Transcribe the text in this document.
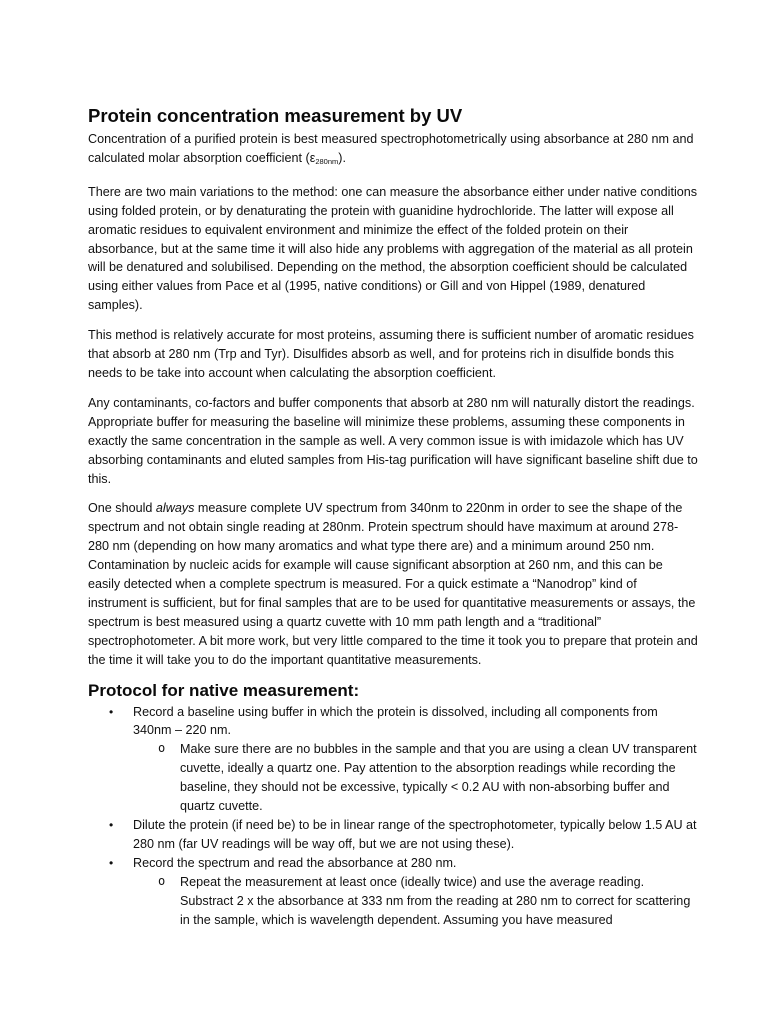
Protein concentration measurement by UV

Concentration of a purified protein is best measured spectrophotometrically using absorbance at 280 nm and calculated molar absorption coefficient $(\varepsilon_{280nm})$.

There are two main variations to the method: one can measure the absorbance either under native conditions using folded protein, or by denaturating the protein with guanidine hydrochloride. The latter will expose all aromatic residues to equivalent environment and minimize the effect of the folded protein on their absorbance, but at the same time it will also hide any problems with aggregation of the material as all protein will be denatured and solubilised. Depending on the method, the absorption coefficient should be calculated using either values from Pace et al (1995, native conditions) or Gill and von Hippel (1989, denatured samples).

This method is relatively accurate for most proteins, assuming there is sufficient number of aromatic residues that absorb at 280 nm (Trp and Tyr). Disulfides absorb as well, and for proteins rich in disulfide bonds this needs to be take into account when calculating the absorption coefficient.

Any contaminants, co-factors and buffer components that absorb at 280 nm will naturally distort the readings. Appropriate buffer for measuring the baseline will minimize these problems, assuming these components in exactly the same concentration in the sample as well. A very common issue is with imidazole which has UV absorbing contaminants and eluted samples from His-tag purification will have significant baseline shift due to this.

One should always measure complete UV spectrum from 340nm to 220nm in order to see the shape of the spectrum and not obtain single reading at 280nm. Protein spectrum should have maximum at around 278-280 nm (depending on how many aromatics and what type there are) and a minimum around 250 nm. Contamination by nucleic acids for example will cause significant absorption at 260 nm, and this can be easily detected when a complete spectrum is measured. For a quick estimate a “Nanodrop” kind of instrument is sufficient, but for final samples that are to be used for quantitative measurements or assays, the spectrum is best measured using a quartz cuvette with 10 mm path length and a “traditional” spectrophotometer. A bit more work, but very little compared to the time it took you to prepare that protein and the time it will take you to do the important quantitative measurements.

Protocol for native measurement:
• Record a baseline using buffer in which the protein is dissolved, including all components from 340nm – 220 nm.
o Make sure there are no bubbles in the sample and that you are using a clean UV transparent cuvette, ideally a quartz one. Pay attention to the absorption readings while recording the baseline, they should not be excessive, typically < 0.2 AU with non-absorbing buffer and quartz cuvette.
• Dilute the protein (if need be) to be in linear range of the spectrophotometer, typically below 1.5 AU at 280 nm (far UV readings will be way off, but we are not using these).
• Record the spectrum and read the absorbance at 280 nm.
o Repeat the measurement at least once (ideally twice) and use the average reading. Substract 2 x the absorbance at 333 nm from the reading at 280 nm to correct for scattering in the sample, which is wavelength dependent. Assuming you have measured
